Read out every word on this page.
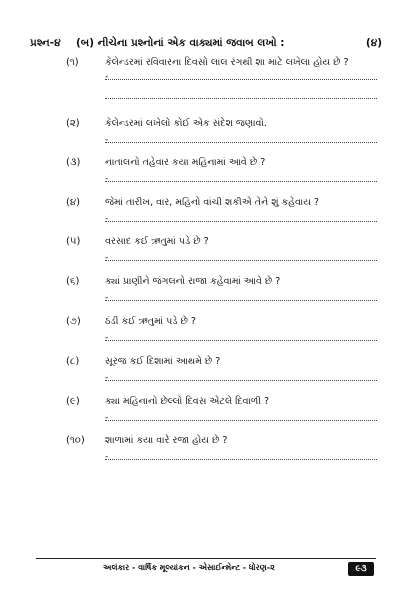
પ્રશ્ન-૪ (બ) નીચેના પ્રશ્નોનાં એક વાક્યમાં જવાબ લખો :	(૪)
(૧)	કેલેન્ડરમાં રવિવારના દિવસો લાલ રંગથી શા માટે લખેલા હોય છે ?
-
(૨)	કેલેન્ડરમાં લખેલો કોઈ એક સંદેશ જણાવો.
-
(૩)	નાતાલનો તહેવાર કયા મહિનામાં આવે છે ?
-
(૪)	જેમાં તારીખ, વાર, મહિનો વાંચી શકીએ તેને શું કહેવાય ?
-
(૫)	વરસાદ કઈ ઋતુમાં પડે છે ?
-
(૬)	ક્યાં પ્રાણીને જંગલનો રાજા કહેવામાં આવે છે ?
-
(૭)	ઠંડી કઈ ઋતુમાં પડે છે ?
-
(૮)	સૂરજ કઈ દિશામાં આથમે છે ?
-
(૯)	ક્યા મહિનાનો છેલ્લો દિવસ એટલે દિવાળી ?
-
(૧૦) શાળામાં કયા વારે રજા હોય છે ?
-
અલંકાર - વાર્ષિક મૂલ્યાંકન - એસાઈન્મેન્ટ - ધોરણ-૨	૯૩
